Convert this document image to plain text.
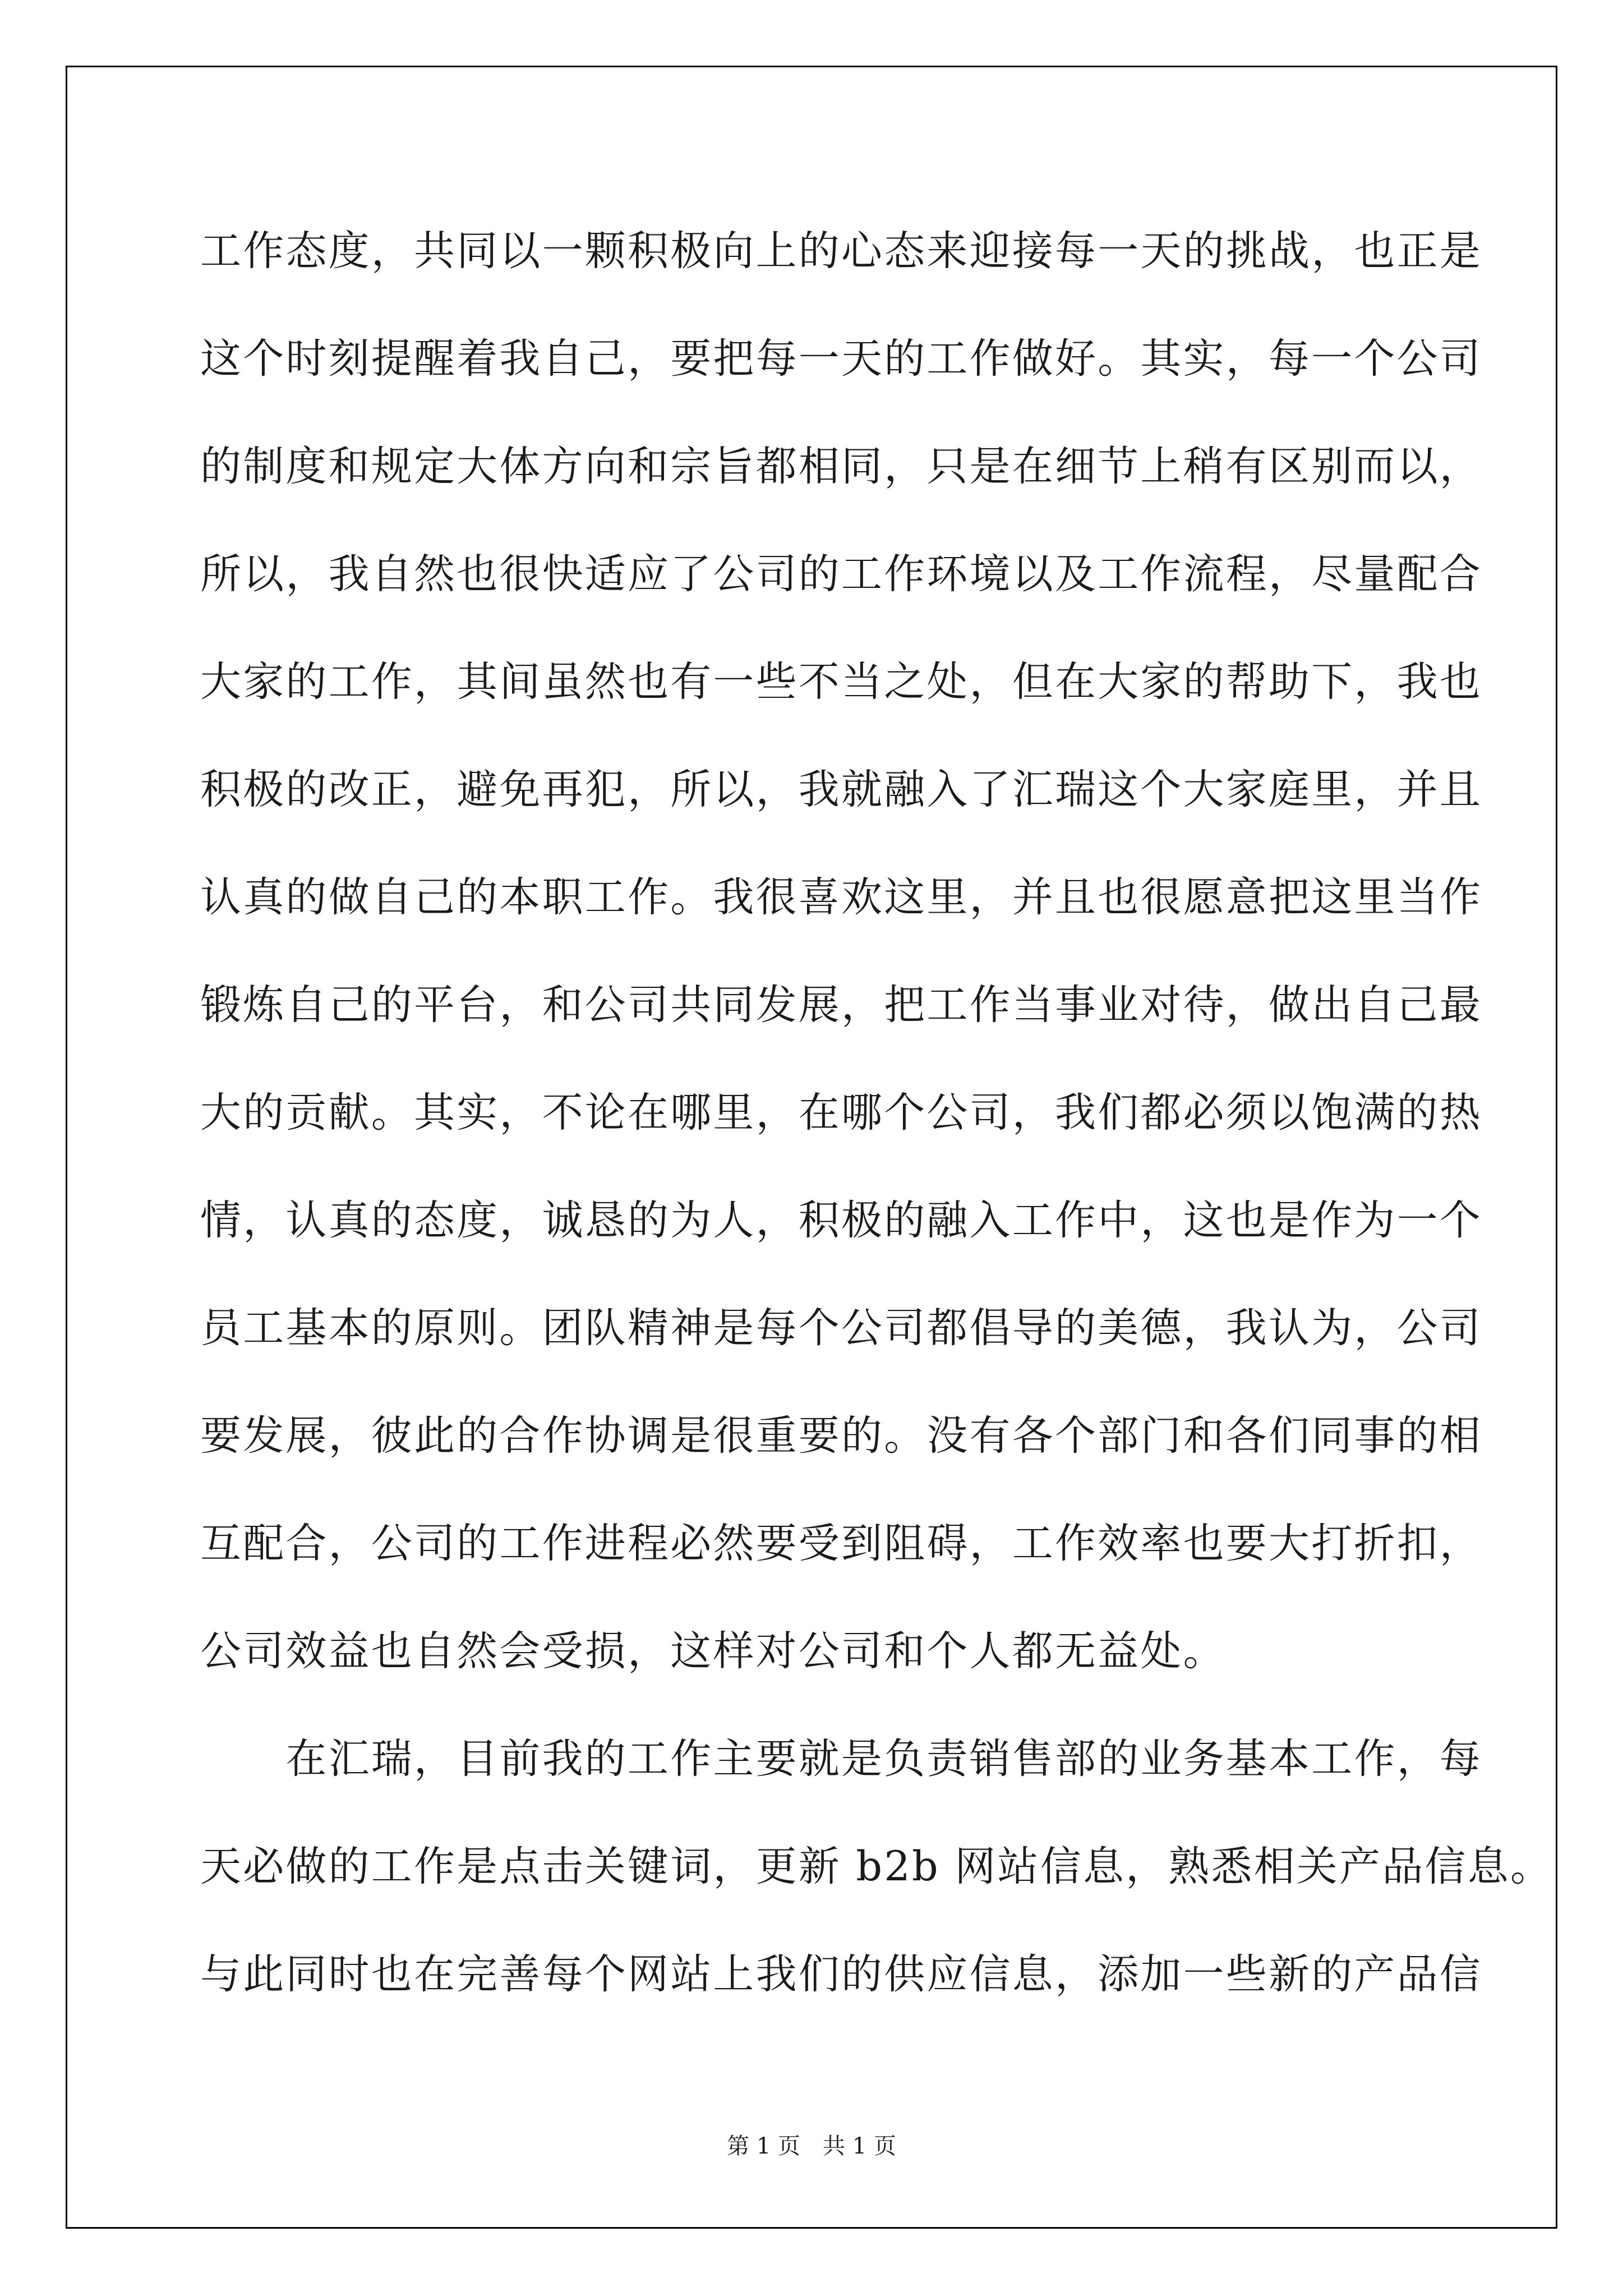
工作态度，共同以一颗积极向上的心态来迎接每一天的挑战，也正是
这个时刻提醒着我自己，要把每一天的工作做好。其实，每一个公司
的制度和规定大体方向和宗旨都相同，只是在细节上稍有区别而以，
所以，我自然也很快适应了公司的工作环境以及工作流程，尽量配合
大家的工作，其间虽然也有一些不当之处，但在大家的帮助下，我也
积极的改正，避免再犯，所以，我就融入了汇瑞这个大家庭里，并且
认真的做自己的本职工作。我很喜欢这里，并且也很愿意把这里当作
锻炼自己的平台，和公司共同发展，把工作当事业对待，做出自己最
大的贡献。其实，不论在哪里，在哪个公司，我们都必须以饱满的热
情，认真的态度，诚恳的为人，积极的融入工作中，这也是作为一个
员工基本的原则。团队精神是每个公司都倡导的美德，我认为，公司
要发展，彼此的合作协调是很重要的。没有各个部门和各们同事的相
互配合，公司的工作进程必然要受到阻碍，工作效率也要大打折扣，
公司效益也自然会受损，这样对公司和个人都无益处。
　　在汇瑞，目前我的工作主要就是负责销售部的业务基本工作，每
天必做的工作是点击关键词，更新 b2b 网站信息，熟悉相关产品信息。
与此同时也在完善每个网站上我们的供应信息，添加一些新的产品信
第 1 页　共 1 页
